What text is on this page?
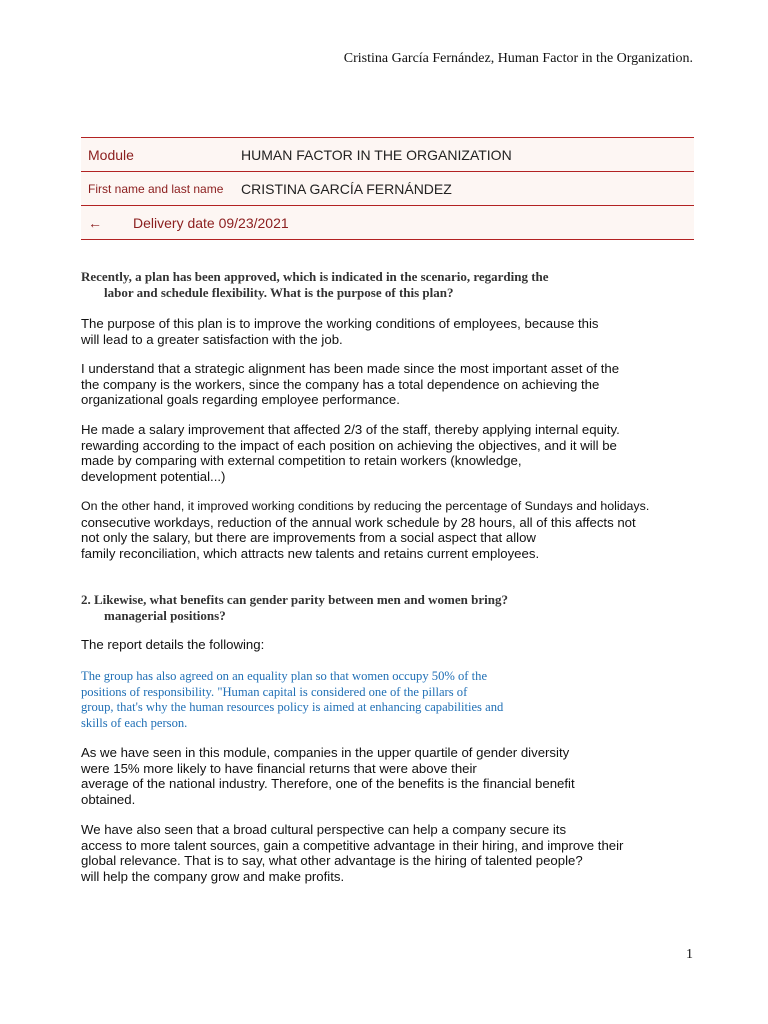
Cristina García Fernández, Human Factor in the Organization.
Module	HUMAN FACTOR IN THE ORGANIZATION
First name and last name	CRISTINA GARCÍA FERNÁNDEZ
←	Delivery date 09/23/2021
Recently, a plan has been approved, which is indicated in the scenario, regarding the
labor and schedule flexibility. What is the purpose of this plan?
The purpose of this plan is to improve the working conditions of employees, because this
will lead to a greater satisfaction with the job.
I understand that a strategic alignment has been made since the most important asset of the
the company is the workers, since the company has a total dependence on achieving the
organizational goals regarding employee performance.
He made a salary improvement that affected 2/3 of the staff, thereby applying internal equity.
rewarding according to the impact of each position on achieving the objectives, and it will be
made by comparing with external competition to retain workers (knowledge,
development potential...)
On the other hand, it improved working conditions by reducing the percentage of Sundays and holidays.
consecutive workdays, reduction of the annual work schedule by 28 hours, all of this affects not
not only the salary, but there are improvements from a social aspect that allow
family reconciliation, which attracts new talents and retains current employees.
2. Likewise, what benefits can gender parity between men and women bring?
managerial positions?
The report details the following:
The group has also agreed on an equality plan so that women occupy 50% of the
positions of responsibility. "Human capital is considered one of the pillars of
group, that's why the human resources policy is aimed at enhancing capabilities and
skills of each person.
As we have seen in this module, companies in the upper quartile of gender diversity
were 15% more likely to have financial returns that were above their
average of the national industry. Therefore, one of the benefits is the financial benefit
obtained.
We have also seen that a broad cultural perspective can help a company secure its
access to more talent sources, gain a competitive advantage in their hiring, and improve their
global relevance. That is to say, what other advantage is the hiring of talented people?
will help the company grow and make profits.
1
